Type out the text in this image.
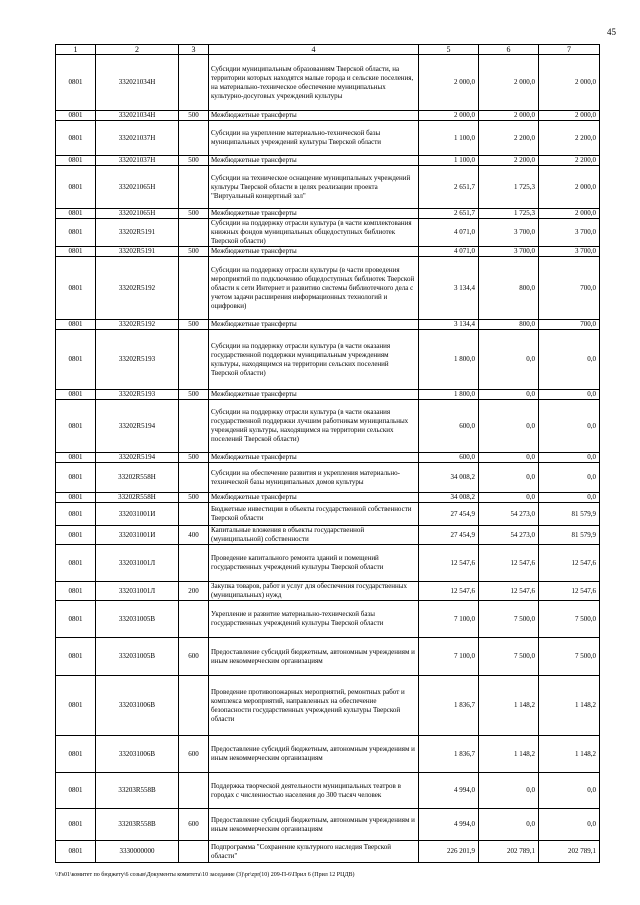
45
1	2	3	4	5	6	7
0801	332021034Н		Субсидии муниципальным образованиям Тверской области, на территории которых находятся малые города и сельские поселения, на материально-техническое обеспечение муниципальных культурно-досуговых учреждений культуры	2 000,0	2 000,0	2 000,0
0801	332021034Н	500	Межбюджетные трансферты	2 000,0	2 000,0	2 000,0
0801	332021037Н		Субсидии на укрепление материально-технической базы муниципальных учреждений культуры Тверской области	1 100,0	2 200,0	2 200,0
0801	332021037Н	500	Межбюджетные трансферты	1 100,0	2 200,0	2 200,0
0801	332021065Н		Субсидии на техническое оснащение муниципальных учреждений культуры Тверской области в целях реализации проекта "Виртуальный концертный зал"	2 651,7	1 725,3	2 000,0
0801	332021065Н	500	Межбюджетные трансферты	2 651,7	1 725,3	2 000,0
0801	33202R5191		Субсидии на поддержку отрасли культура (в части комплектования книжных фондов муниципальных общедоступных библиотек Тверской области)	4 071,0	3 700,0	3 700,0
0801	33202R5191	500	Межбюджетные трансферты	4 071,0	3 700,0	3 700,0
0801	33202R5192		Субсидии на поддержку отрасли культуры (в части проведения мероприятий по подключению общедоступных библиотек Тверской области к сети Интернет и развитию системы библиотечного дела с учетом задачи расширения информационных технологий и оцифровки)	3 134,4	800,0	700,0
0801	33202R5192	500	Межбюджетные трансферты	3 134,4	800,0	700,0
0801	33202R5193		Субсидии на поддержку отрасли культура (в части оказания государственной поддержки муниципальным учреждениям культуры, находящимся на территории сельских поселений Тверской области)	1 800,0	0,0	0,0
0801	33202R5193	500	Межбюджетные трансферты	1 800,0	0,0	0,0
0801	33202R5194		Субсидии на поддержку отрасли культура (в части оказания государственной поддержки лучшим работникам муниципальных учреждений культуры, находящимся на территории сельских поселений Тверской области)	600,0	0,0	0,0
0801	33202R5194	500	Межбюджетные трансферты	600,0	0,0	0,0
0801	33202R558Н		Субсидии на обеспечение развития и укрепления материально-технической базы муниципальных домов культуры	34 008,2	0,0	0,0
0801	33202R558Н	500	Межбюджетные трансферты	34 008,2	0,0	0,0
0801	332031001И		Бюджетные инвестиции в объекты государственной собственности Тверской области	27 454,9	54 273,0	81 579,9
0801	332031001И	400	Капитальные вложения в объекты государственной (муниципальной) собственности	27 454,9	54 273,0	81 579,9
0801	332031001Л		Проведение капитального ремонта зданий и помещений государственных учреждений культуры Тверской области	12 547,6	12 547,6	12 547,6
0801	332031001Л	200	Закупка товаров, работ и услуг для обеспечения государственных (муниципальных) нужд	12 547,6	12 547,6	12 547,6
0801	332031005В		Укрепление и развитие материально-технической базы государственных учреждений культуры Тверской области	7 100,0	7 500,0	7 500,0
0801	332031005В	600	Предоставление субсидий бюджетным, автономным учреждениям и иным некоммерческим организациям	7 100,0	7 500,0	7 500,0
0801	332031006В		Проведение противопожарных мероприятий, ремонтных работ и комплекса мероприятий, направленных на обеспечение безопасности государственных учреждений культуры Тверской области	1 836,7	1 148,2	1 148,2
0801	332031006В	600	Предоставление субсидий бюджетным, автономным учреждениям и иным некоммерческим организациям	1 836,7	1 148,2	1 148,2
0801	33203R558В		Поддержка творческой деятельности муниципальных театров в городах с численностью населения до 300 тысяч человек	4 994,0	0,0	0,0
0801	33203R558В	600	Предоставление субсидий бюджетным, автономным учреждениям и иным некоммерческим организациям	4 994,0	0,0	0,0
0801	3330000000		Подпрограмма "Сохранение культурного наследия Тверской области"	226 201,9	202 789,1	202 789,1
\\Fs01\комитет по бюджету\6 созыв\Документы комитета\10 заседание (3)\pr\zpr(10) 209-П-6\Прил 6 (Прил 12 РЦДВ)
